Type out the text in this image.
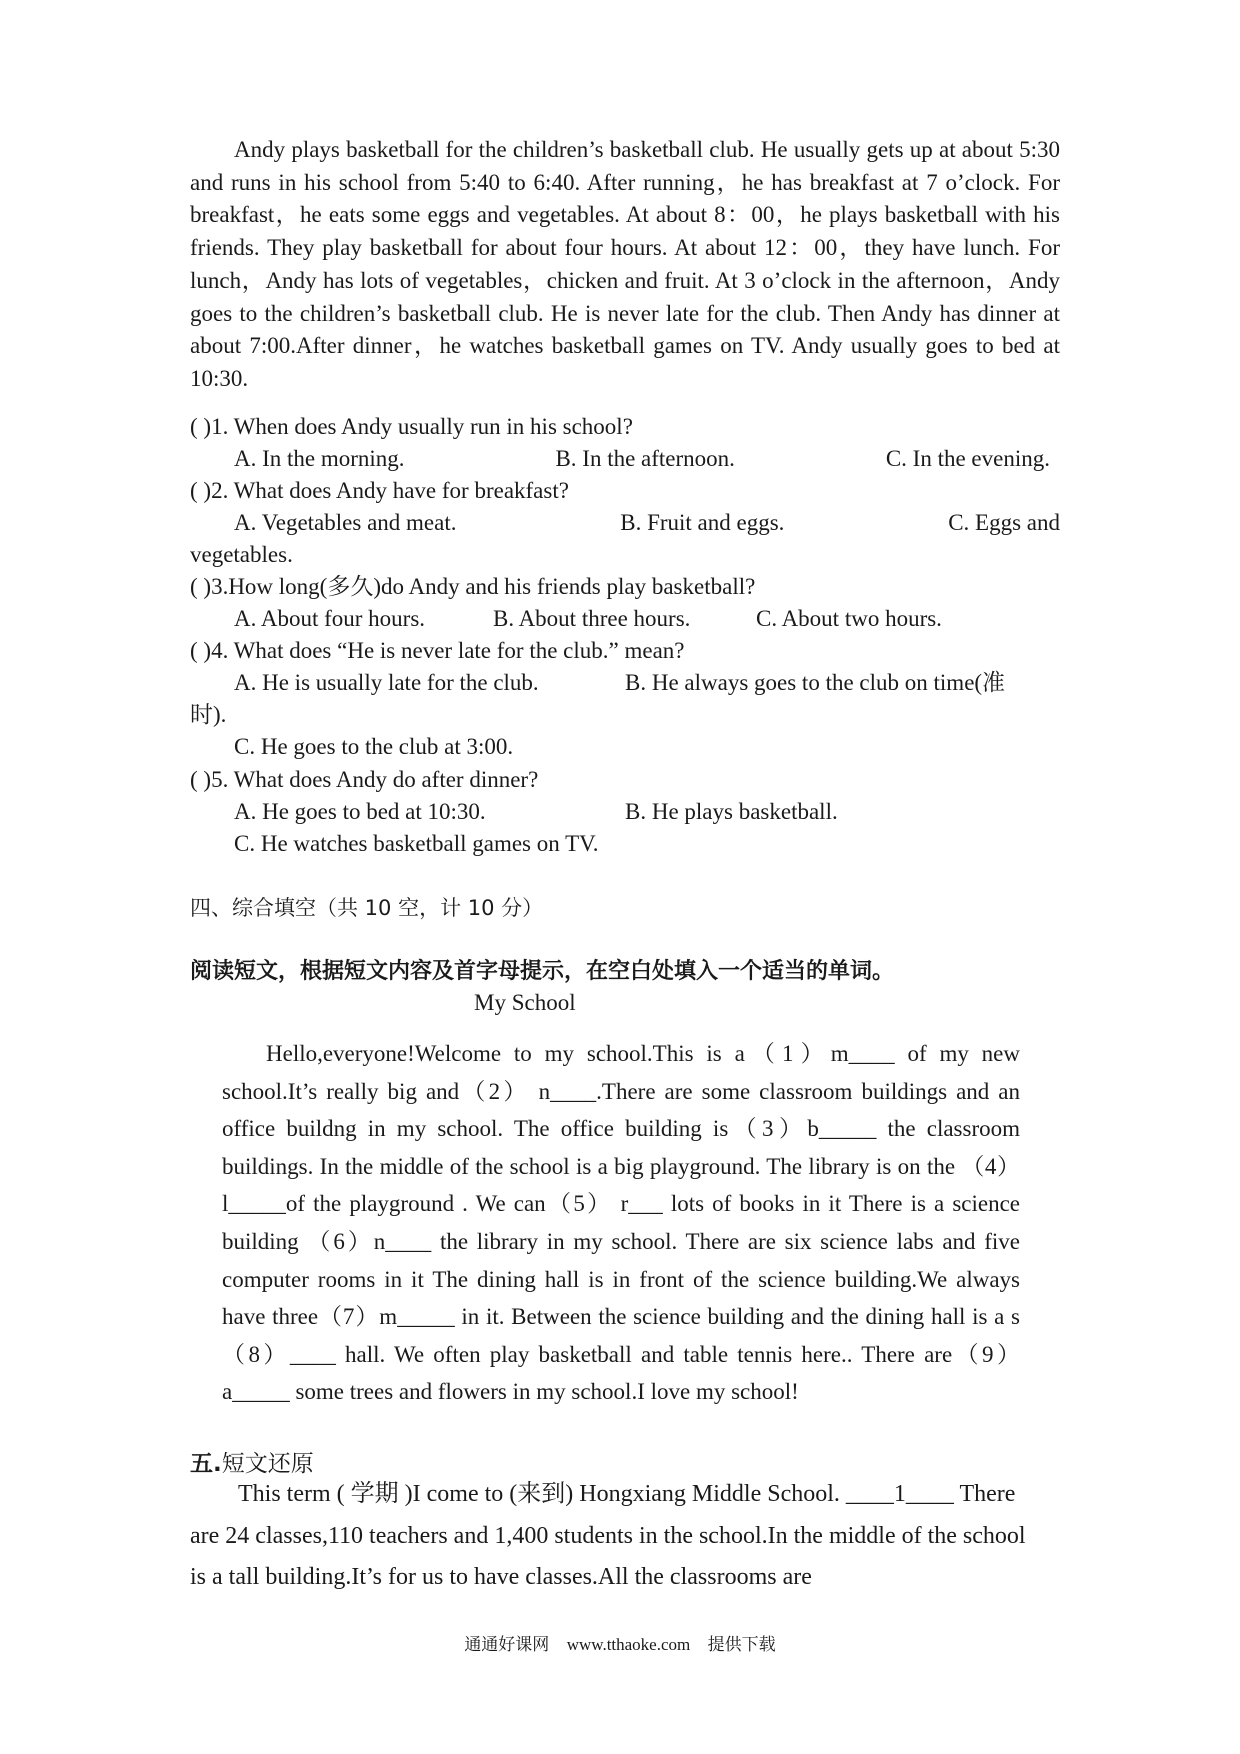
Andy plays basketball for the children’s basketball club. He usually gets up at about 5:30 and runs in his school from 5:40 to 6:40. After running，he has breakfast at 7 o’clock. For breakfast，he eats some eggs and vegetables. At about 8：00，he plays basketball with his friends. They play basketball for about four hours. At about 12：00，they have lunch. For lunch，Andy has lots of vegetables，chicken and fruit. At 3 o’clock in the afternoon，Andy goes to the children’s basketball club. He is never late for the club. Then Andy has dinner at about 7:00.After dinner，he watches basketball games on TV. Andy usually goes to bed at 10:30.

( )1. When does Andy usually run in his school?
A. In the morning.	B. In the afternoon.	C. In the evening.
( )2. What does Andy have for breakfast?
A. Vegetables and meat.	B. Fruit and eggs.	C. Eggs and
vegetables.
( )3.How long(多久)do Andy and his friends play basketball?
A. About four hours.	B. About three hours.	C. About two hours.
( )4. What does “He is never late for the club.” mean?
A. He is usually late for the club.	B. He always goes to the club on time(准
时).
C. He goes to the club at 3:00.
( )5. What does Andy do after dinner?
A. He goes to bed at 10:30.	B. He plays basketball.
C. He watches basketball games on TV.
四、综合填空（共 10 空，计 10 分）
阅读短文，根据短文内容及首字母提示，在空白处填入一个适当的单词。
My School

Hello,everyone!Welcome to my school.This is a（1）m____ of my new school.It’s really big and（2） n____.There are some classroom buildings and an office buildng in my school. The office building is（3）b_____ the classroom buildings. In the middle of the school is a big playground. The library is on the （4）l_____of the playground . We can（5） r___ lots of books in it There is a science building （6）n____ the library in my school. There are six science labs and five computer rooms in it The dining hall is in front of the science building.We always have three（7）m_____ in it. Between the science building and the dining hall is a s（8）____ hall. We often play basketball and table tennis here.. There are（9）a_____ some trees and flowers in my school.I love my school!

五.短文还原

This term ( 学期 )I come to (来到) Hongxiang Middle School. ____1____ There are 24 classes,110 teachers and 1,400 students in the school.In the middle of the school is a tall building.It’s for us to have classes.All the classrooms are

通通好课网 www.tthaoke.com 提供下载
